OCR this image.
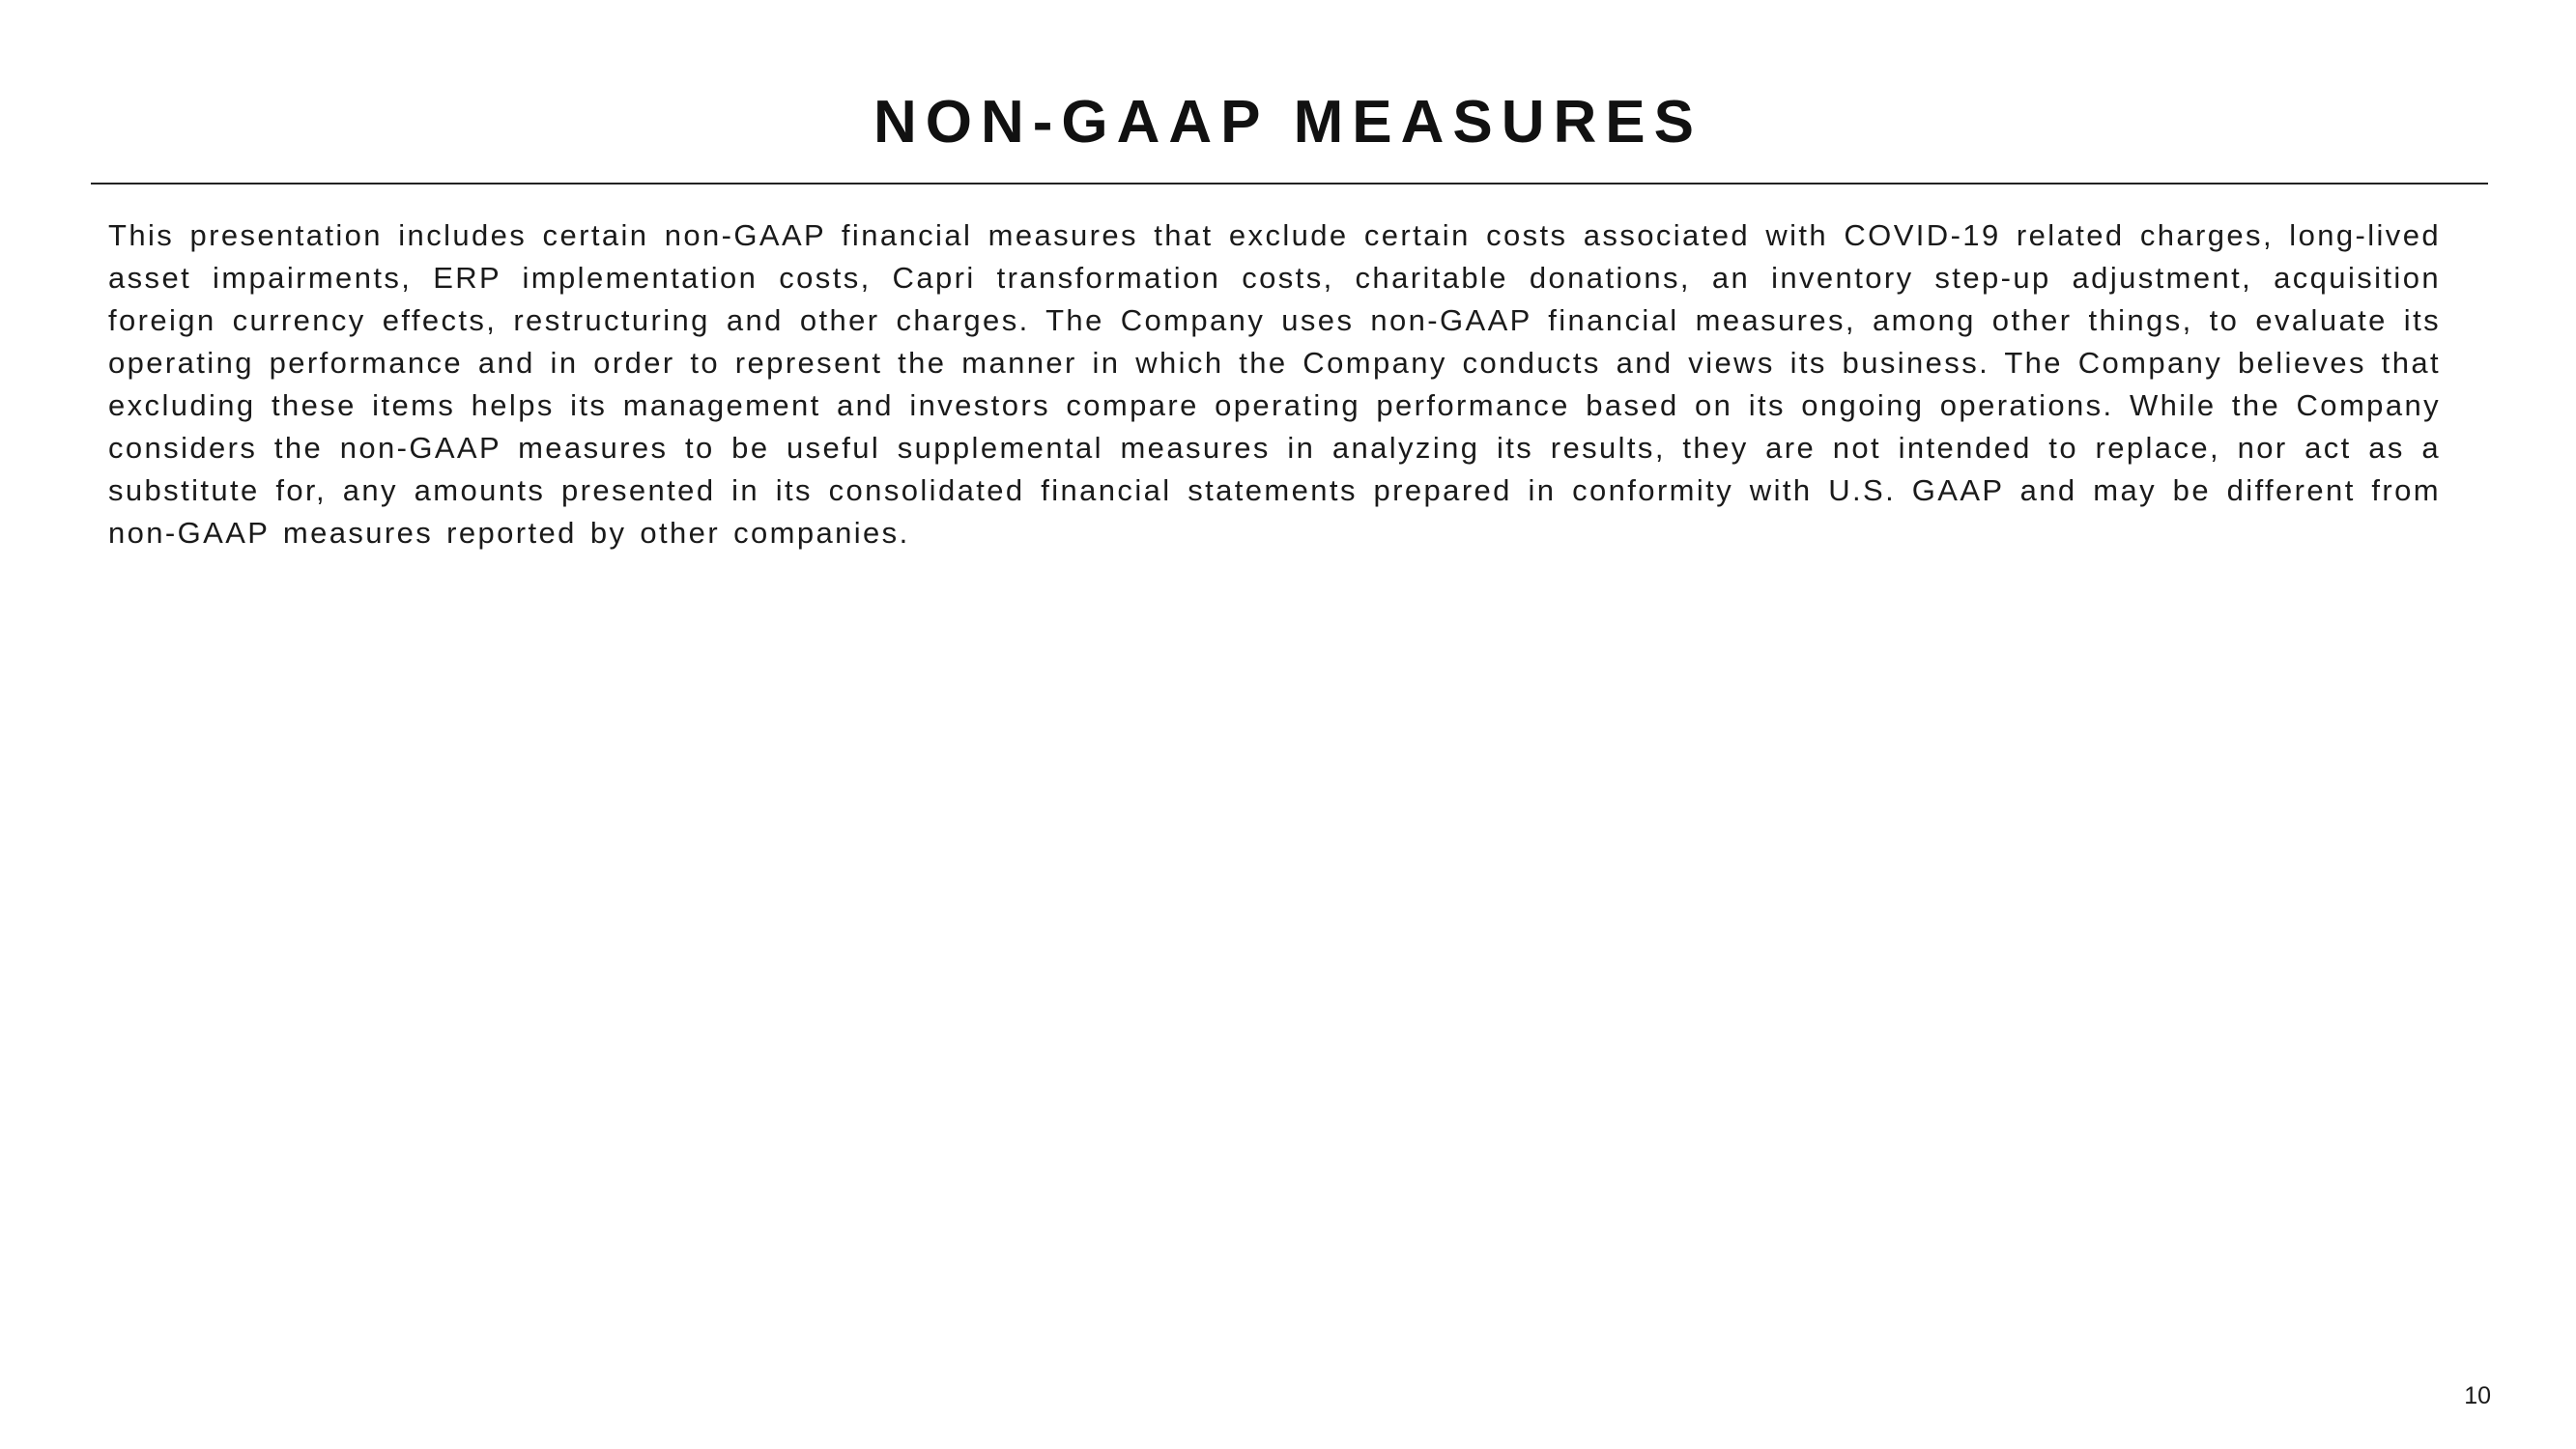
NON-GAAP MEASURES

This presentation includes certain non-GAAP financial measures that exclude certain costs associated with COVID-19 related charges, long-lived asset impairments, ERP implementation costs, Capri transformation costs, charitable donations, an inventory step-up adjustment, acquisition foreign currency effects, restructuring and other charges. The Company uses non-GAAP financial measures, among other things, to evaluate its operating performance and in order to represent the manner in which the Company conducts and views its business. The Company believes that excluding these items helps its management and investors compare operating performance based on its ongoing operations. While the Company considers the non-GAAP measures to be useful supplemental measures in analyzing its results, they are not intended to replace, nor act as a substitute for, any amounts presented in its consolidated financial statements prepared in conformity with U.S. GAAP and may be different from non-GAAP measures reported by other companies.

10
